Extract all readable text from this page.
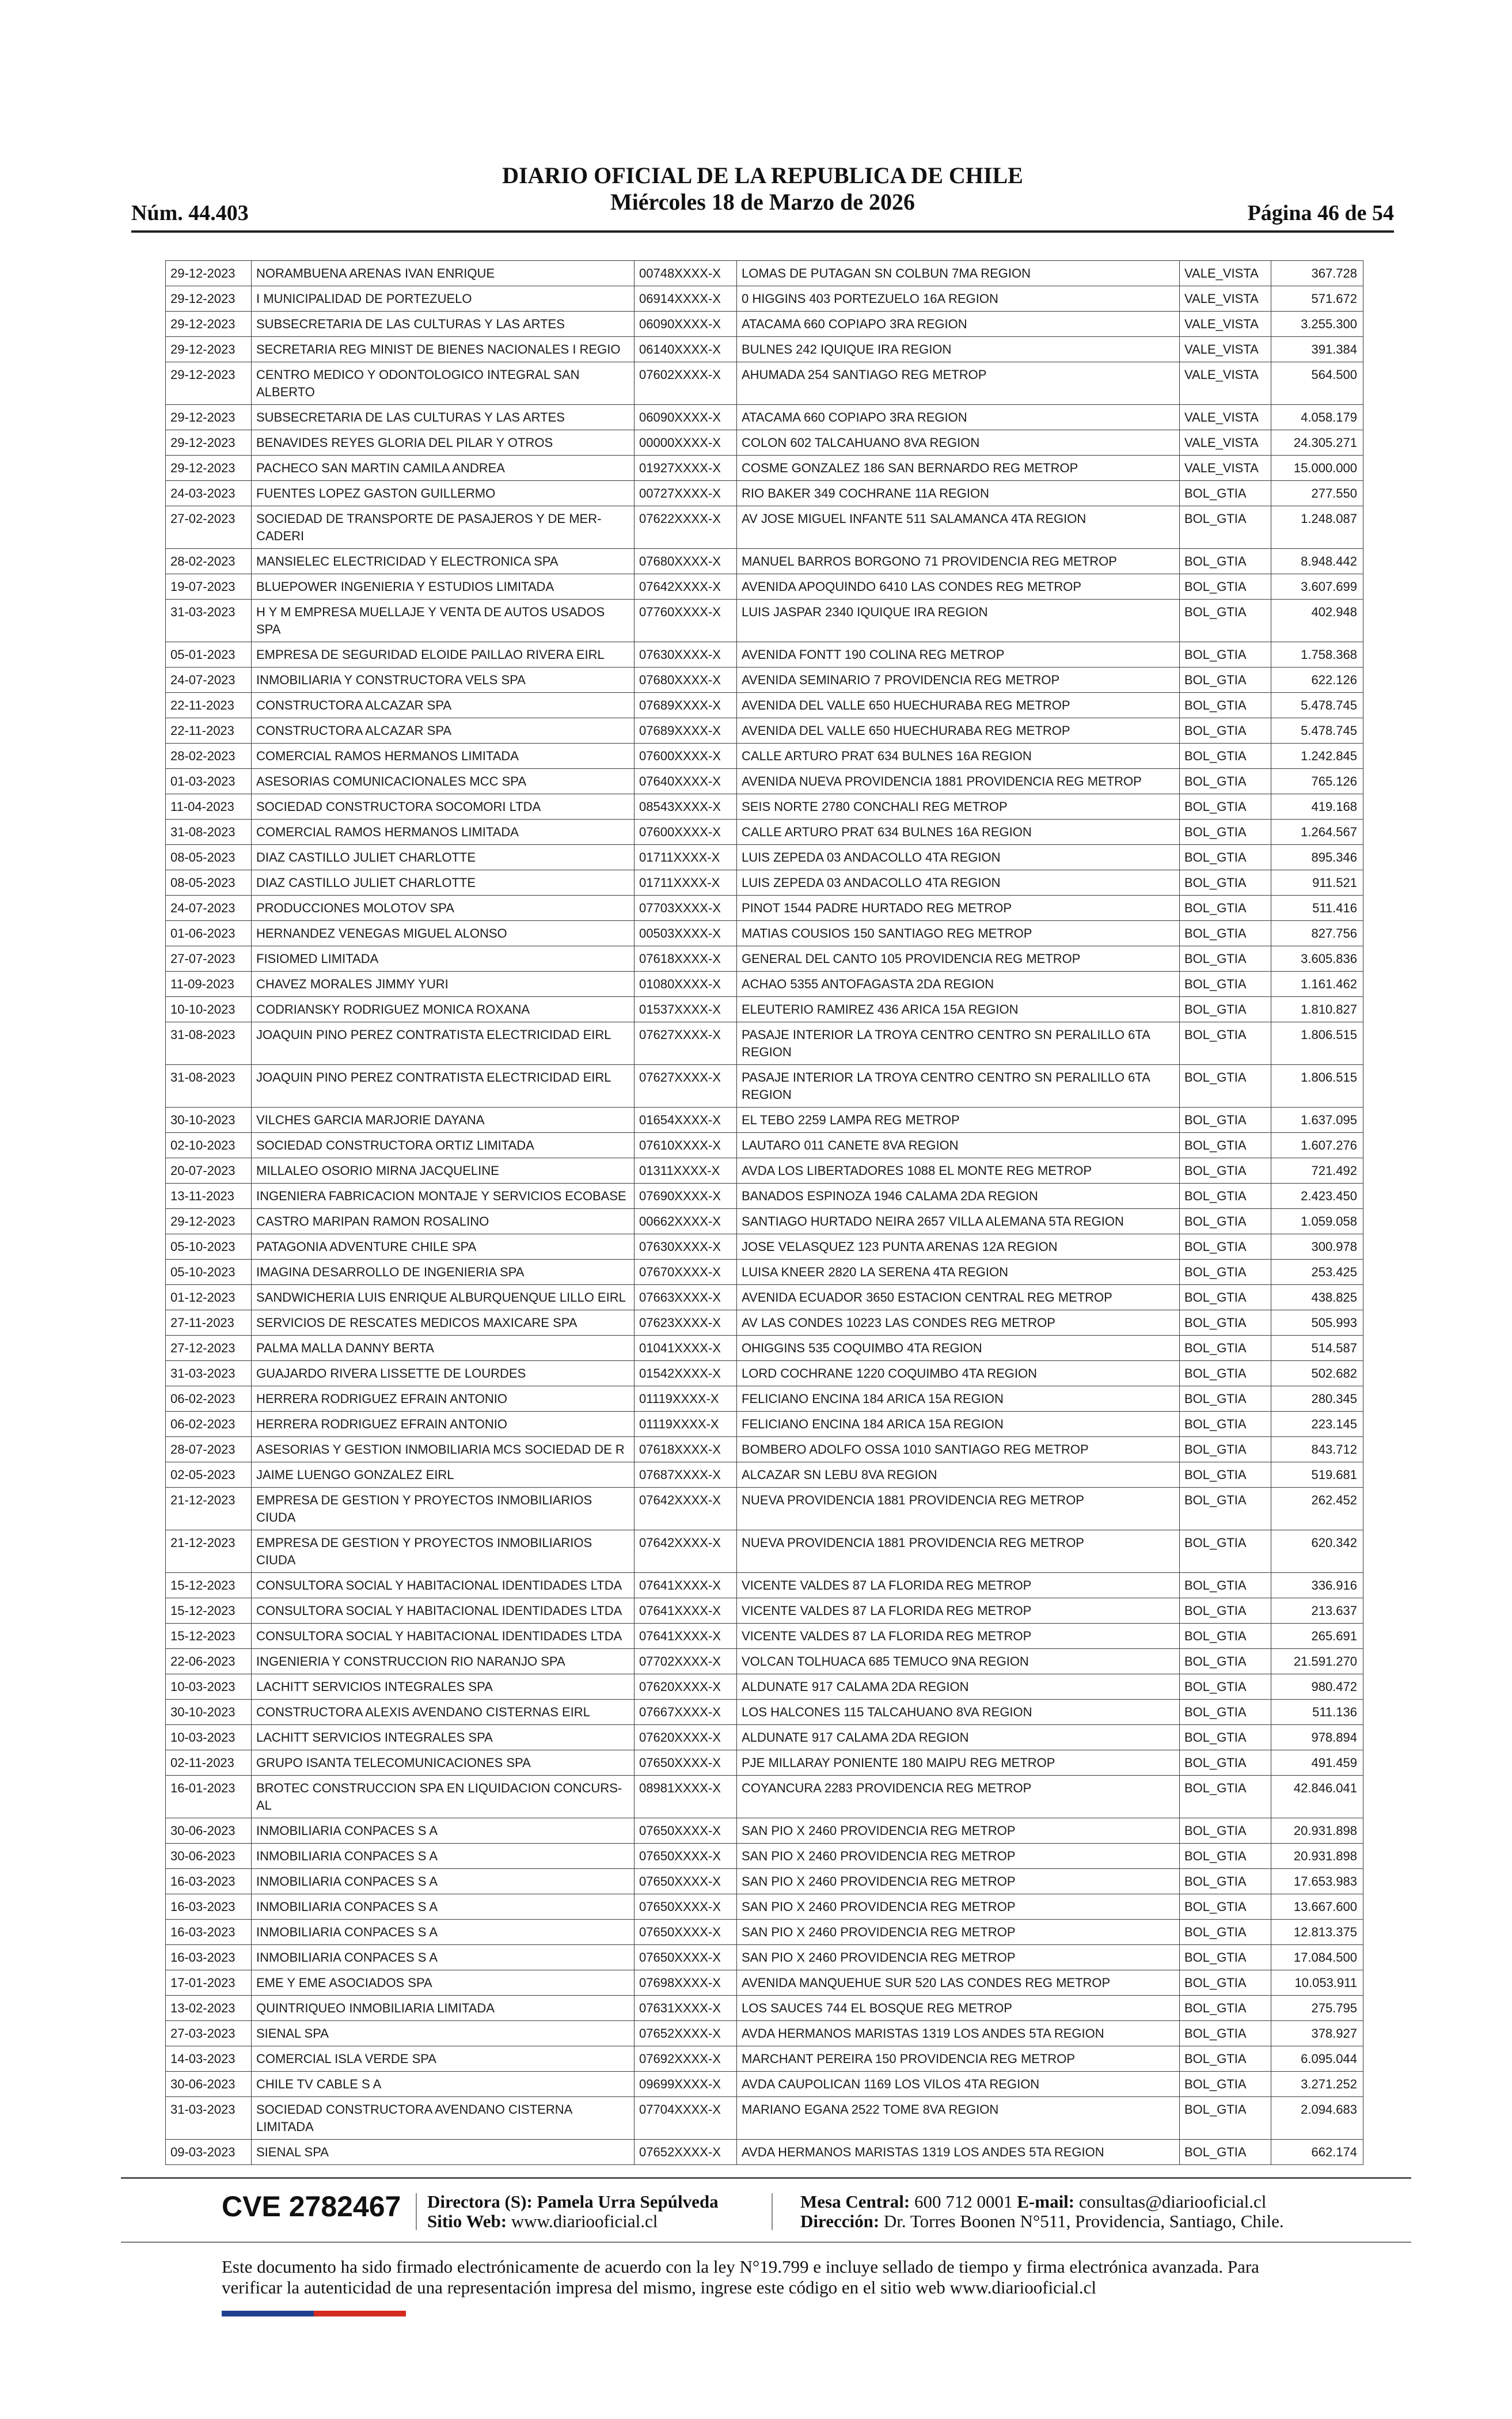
Núm. 44.403
DIARIO OFICIAL DE LA REPUBLICA DE CHILE
Miércoles 18 de Marzo de 2026	Página 46 de 54
29-12-2023	NORAMBUENA ARENAS IVAN ENRIQUE	00748XXXX-X	LOMAS DE PUTAGAN SN COLBUN 7MA REGION	VALE_VISTA	367.728
29-12-2023	I MUNICIPALIDAD DE PORTEZUELO	06914XXXX-X	0 HIGGINS 403 PORTEZUELO 16A REGION	VALE_VISTA	571.672
29-12-2023	SUBSECRETARIA DE LAS CULTURAS Y LAS ARTES	06090XXXX-X	ATACAMA 660 COPIAPO 3RA REGION	VALE_VISTA	3.255.300
29-12-2023	SECRETARIA REG MINIST DE BIENES NACIONALES I REGIO	06140XXXX-X	BULNES 242 IQUIQUE IRA REGION	VALE_VISTA	391.384
29-12-2023	CENTRO MEDICO Y ODONTOLOGICO INTEGRAL SAN ALBERTO	07602XXXX-X	AHUMADA 254 SANTIAGO REG METROP	VALE_VISTA	564.500
29-12-2023	SUBSECRETARIA DE LAS CULTURAS Y LAS ARTES	06090XXXX-X	ATACAMA 660 COPIAPO 3RA REGION	VALE_VISTA	4.058.179
29-12-2023	BENAVIDES REYES GLORIA DEL PILAR Y OTROS	00000XXXX-X	COLON 602 TALCAHUANO 8VA REGION	VALE_VISTA	24.305.271
29-12-2023	PACHECO SAN MARTIN CAMILA ANDREA	01927XXXX-X	COSME GONZALEZ 186 SAN BERNARDO REG METROP	VALE_VISTA	15.000.000
24-03-2023	FUENTES LOPEZ GASTON GUILLERMO	00727XXXX-X	RIO BAKER 349 COCHRANE 11A REGION	BOL_GTIA	277.550
27-02-2023	SOCIEDAD DE TRANSPORTE DE PASAJEROS Y DE MER-CADERI	07622XXXX-X	AV JOSE MIGUEL INFANTE 511 SALAMANCA 4TA REGION	BOL_GTIA	1.248.087
28-02-2023	MANSIELEC ELECTRICIDAD Y ELECTRONICA SPA	07680XXXX-X	MANUEL BARROS BORGONO 71 PROVIDENCIA REG METROP	BOL_GTIA	8.948.442
19-07-2023	BLUEPOWER INGENIERIA Y ESTUDIOS LIMITADA	07642XXXX-X	AVENIDA APOQUINDO 6410 LAS CONDES REG METROP	BOL_GTIA	3.607.699
31-03-2023	H Y M EMPRESA MUELLAJE Y VENTA DE AUTOS USADOS SPA	07760XXXX-X	LUIS JASPAR 2340 IQUIQUE IRA REGION	BOL_GTIA	402.948
05-01-2023	EMPRESA DE SEGURIDAD ELOIDE PAILLAO RIVERA EIRL	07630XXXX-X	AVENIDA FONTT 190 COLINA REG METROP	BOL_GTIA	1.758.368
24-07-2023	INMOBILIARIA Y CONSTRUCTORA VELS SPA	07680XXXX-X	AVENIDA SEMINARIO 7 PROVIDENCIA REG METROP	BOL_GTIA	622.126
22-11-2023	CONSTRUCTORA ALCAZAR SPA	07689XXXX-X	AVENIDA DEL VALLE 650 HUECHURABA REG METROP	BOL_GTIA	5.478.745
22-11-2023	CONSTRUCTORA ALCAZAR SPA	07689XXXX-X	AVENIDA DEL VALLE 650 HUECHURABA REG METROP	BOL_GTIA	5.478.745
28-02-2023	COMERCIAL RAMOS HERMANOS LIMITADA	07600XXXX-X	CALLE ARTURO PRAT 634 BULNES 16A REGION	BOL_GTIA	1.242.845
01-03-2023	ASESORIAS COMUNICACIONALES MCC SPA	07640XXXX-X	AVENIDA NUEVA PROVIDENCIA 1881 PROVIDENCIA REG METROP	BOL_GTIA	765.126
11-04-2023	SOCIEDAD CONSTRUCTORA SOCOMORI LTDA	08543XXXX-X	SEIS NORTE 2780 CONCHALI REG METROP	BOL_GTIA	419.168
31-08-2023	COMERCIAL RAMOS HERMANOS LIMITADA	07600XXXX-X	CALLE ARTURO PRAT 634 BULNES 16A REGION	BOL_GTIA	1.264.567
08-05-2023	DIAZ CASTILLO JULIET CHARLOTTE	01711XXXX-X	LUIS ZEPEDA 03 ANDACOLLO 4TA REGION	BOL_GTIA	895.346
08-05-2023	DIAZ CASTILLO JULIET CHARLOTTE	01711XXXX-X	LUIS ZEPEDA 03 ANDACOLLO 4TA REGION	BOL_GTIA	911.521
24-07-2023	PRODUCCIONES MOLOTOV SPA	07703XXXX-X	PINOT 1544 PADRE HURTADO REG METROP	BOL_GTIA	511.416
01-06-2023	HERNANDEZ VENEGAS MIGUEL ALONSO	00503XXXX-X	MATIAS COUSIOS 150 SANTIAGO REG METROP	BOL_GTIA	827.756
27-07-2023	FISIOMED LIMITADA	07618XXXX-X	GENERAL DEL CANTO 105 PROVIDENCIA REG METROP	BOL_GTIA	3.605.836
11-09-2023	CHAVEZ MORALES JIMMY YURI	01080XXXX-X	ACHAO 5355 ANTOFAGASTA 2DA REGION	BOL_GTIA	1.161.462
10-10-2023	CODRIANSKY RODRIGUEZ MONICA ROXANA	01537XXXX-X	ELEUTERIO RAMIREZ 436 ARICA 15A REGION	BOL_GTIA	1.810.827
31-08-2023	JOAQUIN PINO PEREZ CONTRATISTA ELECTRICIDAD EIRL	07627XXXX-X	PASAJE INTERIOR LA TROYA CENTRO CENTRO SN PERALILLO 6TA REGION	BOL_GTIA	1.806.515
31-08-2023	JOAQUIN PINO PEREZ CONTRATISTA ELECTRICIDAD EIRL	07627XXXX-X	PASAJE INTERIOR LA TROYA CENTRO CENTRO SN PERALILLO 6TA REGION	BOL_GTIA	1.806.515
30-10-2023	VILCHES GARCIA MARJORIE DAYANA	01654XXXX-X	EL TEBO 2259 LAMPA REG METROP	BOL_GTIA	1.637.095
02-10-2023	SOCIEDAD CONSTRUCTORA ORTIZ LIMITADA	07610XXXX-X	LAUTARO 011 CANETE 8VA REGION	BOL_GTIA	1.607.276
20-07-2023	MILLALEO OSORIO MIRNA JACQUELINE	01311XXXX-X	AVDA LOS LIBERTADORES 1088 EL MONTE REG METROP	BOL_GTIA	721.492
13-11-2023	INGENIERA FABRICACION MONTAJE Y SERVICIOS ECOBASE	07690XXXX-X	BANADOS ESPINOZA 1946 CALAMA 2DA REGION	BOL_GTIA	2.423.450
29-12-2023	CASTRO MARIPAN RAMON ROSALINO	00662XXXX-X	SANTIAGO HURTADO NEIRA 2657 VILLA ALEMANA 5TA REGION	BOL_GTIA	1.059.058
05-10-2023	PATAGONIA ADVENTURE CHILE SPA	07630XXXX-X	JOSE VELASQUEZ 123 PUNTA ARENAS 12A REGION	BOL_GTIA	300.978
05-10-2023	IMAGINA DESARROLLO DE INGENIERIA SPA	07670XXXX-X	LUISA KNEER 2820 LA SERENA 4TA REGION	BOL_GTIA	253.425
01-12-2023	SANDWICHERIA LUIS ENRIQUE ALBURQUENQUE LILLO EIRL	07663XXXX-X	AVENIDA ECUADOR 3650 ESTACION CENTRAL REG METROP	BOL_GTIA	438.825
27-11-2023	SERVICIOS DE RESCATES MEDICOS MAXICARE SPA	07623XXXX-X	AV LAS CONDES 10223 LAS CONDES REG METROP	BOL_GTIA	505.993
27-12-2023	PALMA MALLA DANNY BERTA	01041XXXX-X	OHIGGINS 535 COQUIMBO 4TA REGION	BOL_GTIA	514.587
31-03-2023	GUAJARDO RIVERA LISSETTE DE LOURDES	01542XXXX-X	LORD COCHRANE 1220 COQUIMBO 4TA REGION	BOL_GTIA	502.682
06-02-2023	HERRERA RODRIGUEZ EFRAIN ANTONIO	01119XXXX-X	FELICIANO ENCINA 184 ARICA 15A REGION	BOL_GTIA	280.345
06-02-2023	HERRERA RODRIGUEZ EFRAIN ANTONIO	01119XXXX-X	FELICIANO ENCINA 184 ARICA 15A REGION	BOL_GTIA	223.145
28-07-2023	ASESORIAS Y GESTION INMOBILIARIA MCS SOCIEDAD DE R	07618XXXX-X	BOMBERO ADOLFO OSSA 1010 SANTIAGO REG METROP	BOL_GTIA	843.712
02-05-2023	JAIME LUENGO GONZALEZ EIRL	07687XXXX-X	ALCAZAR SN LEBU 8VA REGION	BOL_GTIA	519.681
21-12-2023	EMPRESA DE GESTION Y PROYECTOS INMOBILIARIOS CIUDA	07642XXXX-X	NUEVA PROVIDENCIA 1881 PROVIDENCIA REG METROP	BOL_GTIA	262.452
21-12-2023	EMPRESA DE GESTION Y PROYECTOS INMOBILIARIOS CIUDA	07642XXXX-X	NUEVA PROVIDENCIA 1881 PROVIDENCIA REG METROP	BOL_GTIA	620.342
15-12-2023	CONSULTORA SOCIAL Y HABITACIONAL IDENTIDADES LTDA	07641XXXX-X	VICENTE VALDES 87 LA FLORIDA REG METROP	BOL_GTIA	336.916
15-12-2023	CONSULTORA SOCIAL Y HABITACIONAL IDENTIDADES LTDA	07641XXXX-X	VICENTE VALDES 87 LA FLORIDA REG METROP	BOL_GTIA	213.637
15-12-2023	CONSULTORA SOCIAL Y HABITACIONAL IDENTIDADES LTDA	07641XXXX-X	VICENTE VALDES 87 LA FLORIDA REG METROP	BOL_GTIA	265.691
22-06-2023	INGENIERIA Y CONSTRUCCION RIO NARANJO SPA	07702XXXX-X	VOLCAN TOLHUACA 685 TEMUCO 9NA REGION	BOL_GTIA	21.591.270
10-03-2023	LACHITT SERVICIOS INTEGRALES SPA	07620XXXX-X	ALDUNATE 917 CALAMA 2DA REGION	BOL_GTIA	980.472
30-10-2023	CONSTRUCTORA ALEXIS AVENDANO CISTERNAS EIRL	07667XXXX-X	LOS HALCONES 115 TALCAHUANO 8VA REGION	BOL_GTIA	511.136
10-03-2023	LACHITT SERVICIOS INTEGRALES SPA	07620XXXX-X	ALDUNATE 917 CALAMA 2DA REGION	BOL_GTIA	978.894
02-11-2023	GRUPO ISANTA TELECOMUNICACIONES SPA	07650XXXX-X	PJE MILLARAY PONIENTE 180 MAIPU REG METROP	BOL_GTIA	491.459
16-01-2023	BROTEC CONSTRUCCION SPA EN LIQUIDACION CONCURS-AL	08981XXXX-X	COYANCURA 2283 PROVIDENCIA REG METROP	BOL_GTIA	42.846.041
30-06-2023	INMOBILIARIA CONPACES S A	07650XXXX-X	SAN PIO X 2460 PROVIDENCIA REG METROP	BOL_GTIA	20.931.898
30-06-2023	INMOBILIARIA CONPACES S A	07650XXXX-X	SAN PIO X 2460 PROVIDENCIA REG METROP	BOL_GTIA	20.931.898
16-03-2023	INMOBILIARIA CONPACES S A	07650XXXX-X	SAN PIO X 2460 PROVIDENCIA REG METROP	BOL_GTIA	17.653.983
16-03-2023	INMOBILIARIA CONPACES S A	07650XXXX-X	SAN PIO X 2460 PROVIDENCIA REG METROP	BOL_GTIA	13.667.600
16-03-2023	INMOBILIARIA CONPACES S A	07650XXXX-X	SAN PIO X 2460 PROVIDENCIA REG METROP	BOL_GTIA	12.813.375
16-03-2023	INMOBILIARIA CONPACES S A	07650XXXX-X	SAN PIO X 2460 PROVIDENCIA REG METROP	BOL_GTIA	17.084.500
17-01-2023	EME Y EME ASOCIADOS SPA	07698XXXX-X	AVENIDA MANQUEHUE SUR 520 LAS CONDES REG METROP	BOL_GTIA	10.053.911
13-02-2023	QUINTRIQUEO INMOBILIARIA LIMITADA	07631XXXX-X	LOS SAUCES 744 EL BOSQUE REG METROP	BOL_GTIA	275.795
27-03-2023	SIENAL SPA	07652XXXX-X	AVDA HERMANOS MARISTAS 1319 LOS ANDES 5TA REGION	BOL_GTIA	378.927
14-03-2023	COMERCIAL ISLA VERDE SPA	07692XXXX-X	MARCHANT PEREIRA 150 PROVIDENCIA REG METROP	BOL_GTIA	6.095.044
30-06-2023	CHILE TV CABLE S A	09699XXXX-X	AVDA CAUPOLICAN 1169 LOS VILOS 4TA REGION	BOL_GTIA	3.271.252
31-03-2023	SOCIEDAD CONSTRUCTORA AVENDANO CISTERNA LIMITADA	07704XXXX-X	MARIANO EGANA 2522 TOME 8VA REGION	BOL_GTIA	2.094.683
09-03-2023	SIENAL SPA	07652XXXX-X	AVDA HERMANOS MARISTAS 1319 LOS ANDES 5TA REGION	BOL_GTIA	662.174
CVE 2782467 Directora (S): Pamela Urra Sepúlveda
Sitio Web: www.diariooficial.cl
Mesa Central: 600 712 0001 E-mail: consultas@diariooficial.cl
Dirección: Dr. Torres Boonen N°511, Providencia, Santiago, Chile.
Este documento ha sido firmado electrónicamente de acuerdo con la ley N°19.799 e incluye sellado de tiempo y firma electrónica avanzada. Para verificar la autenticidad de una representación impresa del mismo, ingrese este código en el sitio web www.diariooficial.cl
